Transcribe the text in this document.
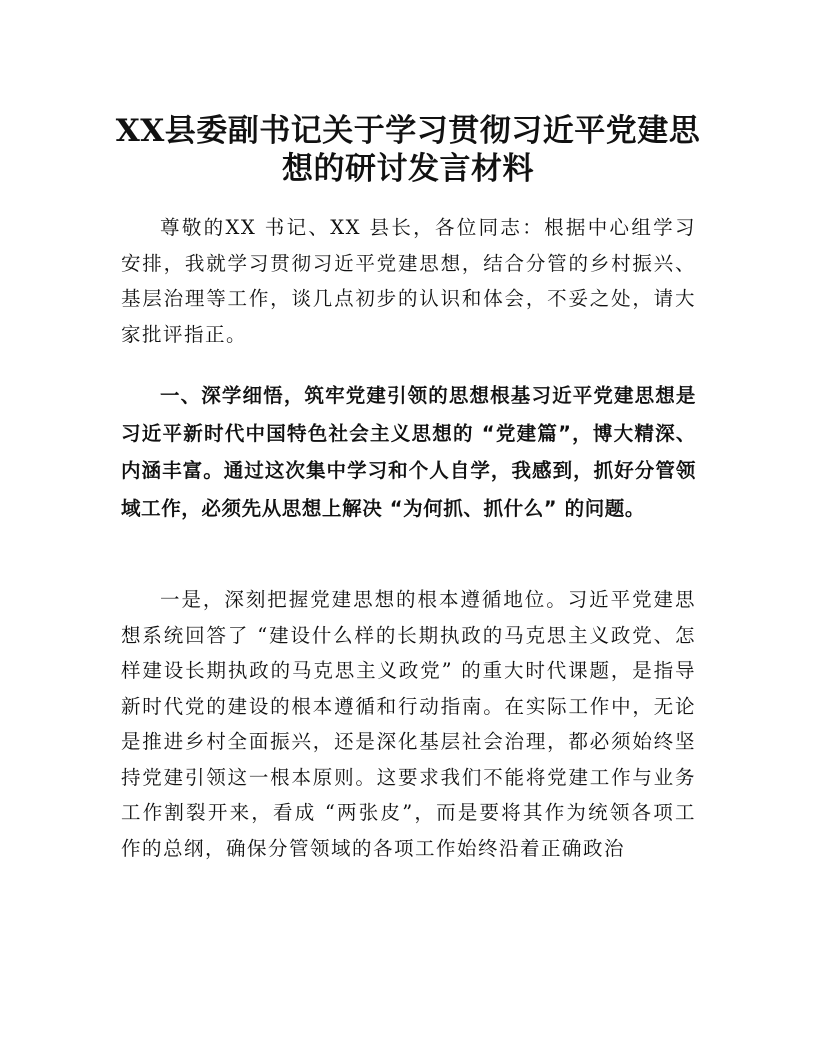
XX县委副书记关于学习贯彻习近平党建思想的研讨发言材料

尊敬的XX 书记、XX 县长，各位同志：根据中心组学习安排，我就学习贯彻习近平党建思想，结合分管的乡村振兴、基层治理等工作，谈几点初步的认识和体会，不妥之处，请大家批评指正。

一、深学细悟，筑牢党建引领的思想根基习近平党建思想是习近平新时代中国特色社会主义思想的 “党建篇”，博大精深、内涵丰富。通过这次集中学习和个人自学，我感到，抓好分管领域工作，必须先从思想上解决 “为何抓、抓什么” 的问题。

一是，深刻把握党建思想的根本遵循地位。习近平党建思想系统回答了 “建设什么样的长期执政的马克思主义政党、怎样建设长期执政的马克思主义政党” 的重大时代课题，是指导新时代党的建设的根本遵循和行动指南。在实际工作中，无论是推进乡村全面振兴，还是深化基层社会治理，都必须始终坚持党建引领这一根本原则。这要求我们不能将党建工作与业务工作割裂开来，看成 “两张皮”，而是要将其作为统领各项工作的总纲，确保分管领域的各项工作始终沿着正确政治
